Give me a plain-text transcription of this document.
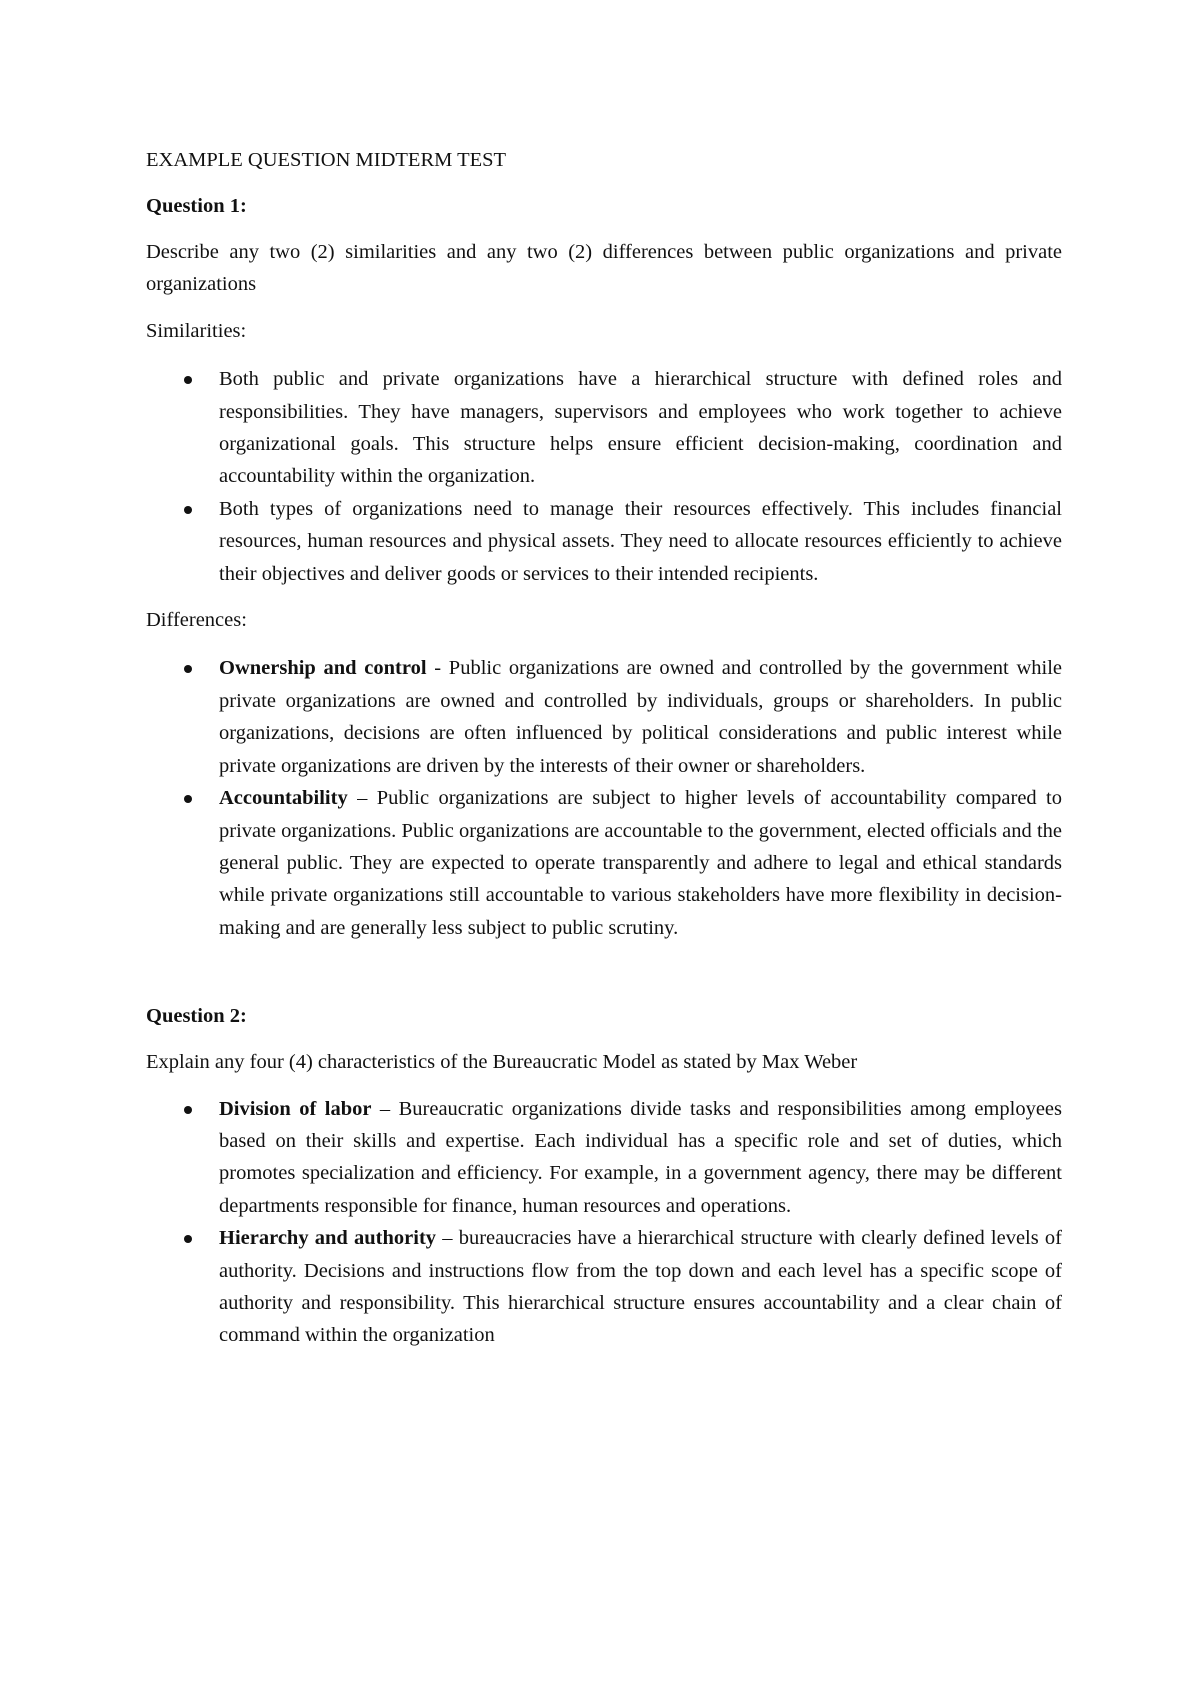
EXAMPLE QUESTION MIDTERM TEST
Question 1:
Describe any two (2) similarities and any two (2) differences between public organizations and private organizations
Similarities:
Both public and private organizations have a hierarchical structure with defined roles and responsibilities. They have managers, supervisors and employees who work together to achieve organizational goals. This structure helps ensure efficient decision-making, coordination and accountability within the organization.
Both types of organizations need to manage their resources effectively. This includes financial resources, human resources and physical assets. They need to allocate resources efficiently to achieve their objectives and deliver goods or services to their intended recipients.
Differences:
Ownership and control - Public organizations are owned and controlled by the government while private organizations are owned and controlled by individuals, groups or shareholders. In public organizations, decisions are often influenced by political considerations and public interest while private organizations are driven by the interests of their owner or shareholders.
Accountability – Public organizations are subject to higher levels of accountability compared to private organizations. Public organizations are accountable to the government, elected officials and the general public. They are expected to operate transparently and adhere to legal and ethical standards while private organizations still accountable to various stakeholders have more flexibility in decision-making and are generally less subject to public scrutiny.
Question 2:
Explain any four (4) characteristics of the Bureaucratic Model as stated by Max Weber
Division of labor – Bureaucratic organizations divide tasks and responsibilities among employees based on their skills and expertise. Each individual has a specific role and set of duties, which promotes specialization and efficiency. For example, in a government agency, there may be different departments responsible for finance, human resources and operations.
Hierarchy and authority – bureaucracies have a hierarchical structure with clearly defined levels of authority. Decisions and instructions flow from the top down and each level has a specific scope of authority and responsibility. This hierarchical structure ensures accountability and a clear chain of command within the organization
